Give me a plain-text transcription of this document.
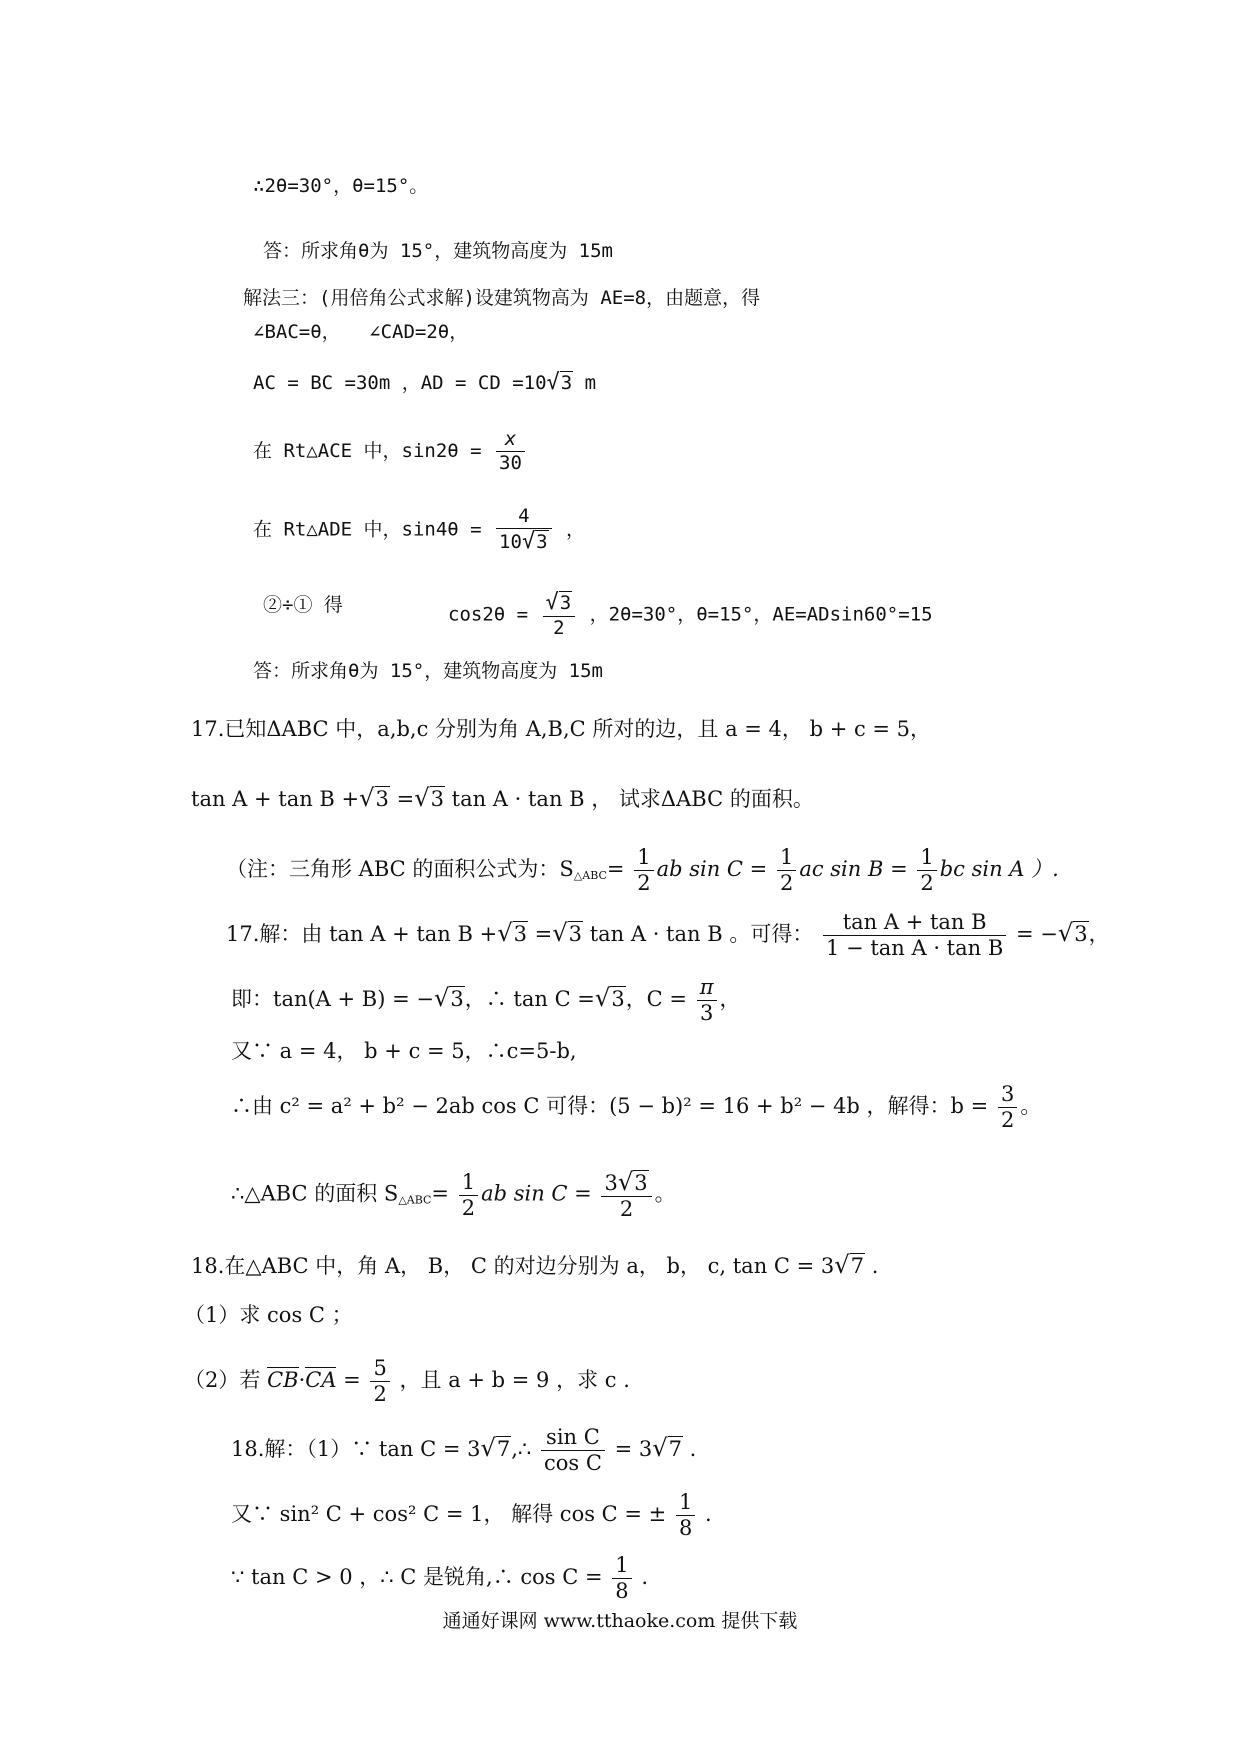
∴2θ=30°，θ=15°。
答：所求角θ为 15°，建筑物高度为 15m
解法三：(用倍角公式求解)设建筑物高为 AE=8，由题意，得
∠BAC=θ，　　∠CAD=2θ，
AC = BC =30m ，AD = CD =10√3 m
在 Rt△ACE 中，$\sin 2\theta = \frac{x}{30}$
在 Rt△ADE 中，$\sin 4\theta = \frac{4}{10√3}$ ，
②÷① 得	$\cos 2\theta = \frac{√3}{2}$ ，2θ=30°，θ=15°，AE=ADsin60°=15
答：所求角θ为 15°，建筑物高度为 15m
17.已知ΔABC 中，a,b,c 分别为角 A,B,C 所对的边，且 a = 4， b + c = 5，
tan A + tan B +√3 =√3 tan A · tan B ， 试求ΔABC 的面积。
（注：三角形 ABC 的面积公式为：$S_{\triangle ABC}= \frac{1}{2}$ ab $\sin C = \frac{1}{2}$ ac $\sin B = \frac{1}{2}$ bc sin A ）.
17.解：由 tan A + tan B +√3 =√3 tan A · tan B 。可得： $\frac{\text{tan A + tan B}}{\text{1 − tan A · tan B}} = -√3$，
即：tan(A + B) = −√3，∴ tan C =√3，$C = \frac{\pi}{3}$ ，
又∵ a = 4， b + c = 5，∴c=5-b,
∴由 c² = a² + b² − 2ab cos C 可得：(5 − b)² = 16 + b² − 4b ，解得：$b = \frac{3}{2}$ 。
∴△ABC 的面积 $S_{\triangle ABC}= \frac{1}{2}$ ab $\sin C = \frac{3√3}{2}$ 。
18.在△ABC 中，角 A， B， C 的对边分别为 a， b， c, tan C = 3√7 .
（1）求 cos C ；
（2）若 $CB\cdot CA = \frac{5}{2}$ ，且 a + b = 9 ，求 c .
18.解：（1）∵ tan C = 3√7,∴ $\frac{\text{sin C}}{\text{cos C}} = 3√7$ .
又∵ sin² C + cos² C = 1， 解得 cos C = ± $\frac{1}{8}$ .
∵ tan C > 0 ，∴ C 是锐角,∴ $\cos C = \frac{1}{8}$ .
通通好课网 www.tthaoke.com 提供下载
